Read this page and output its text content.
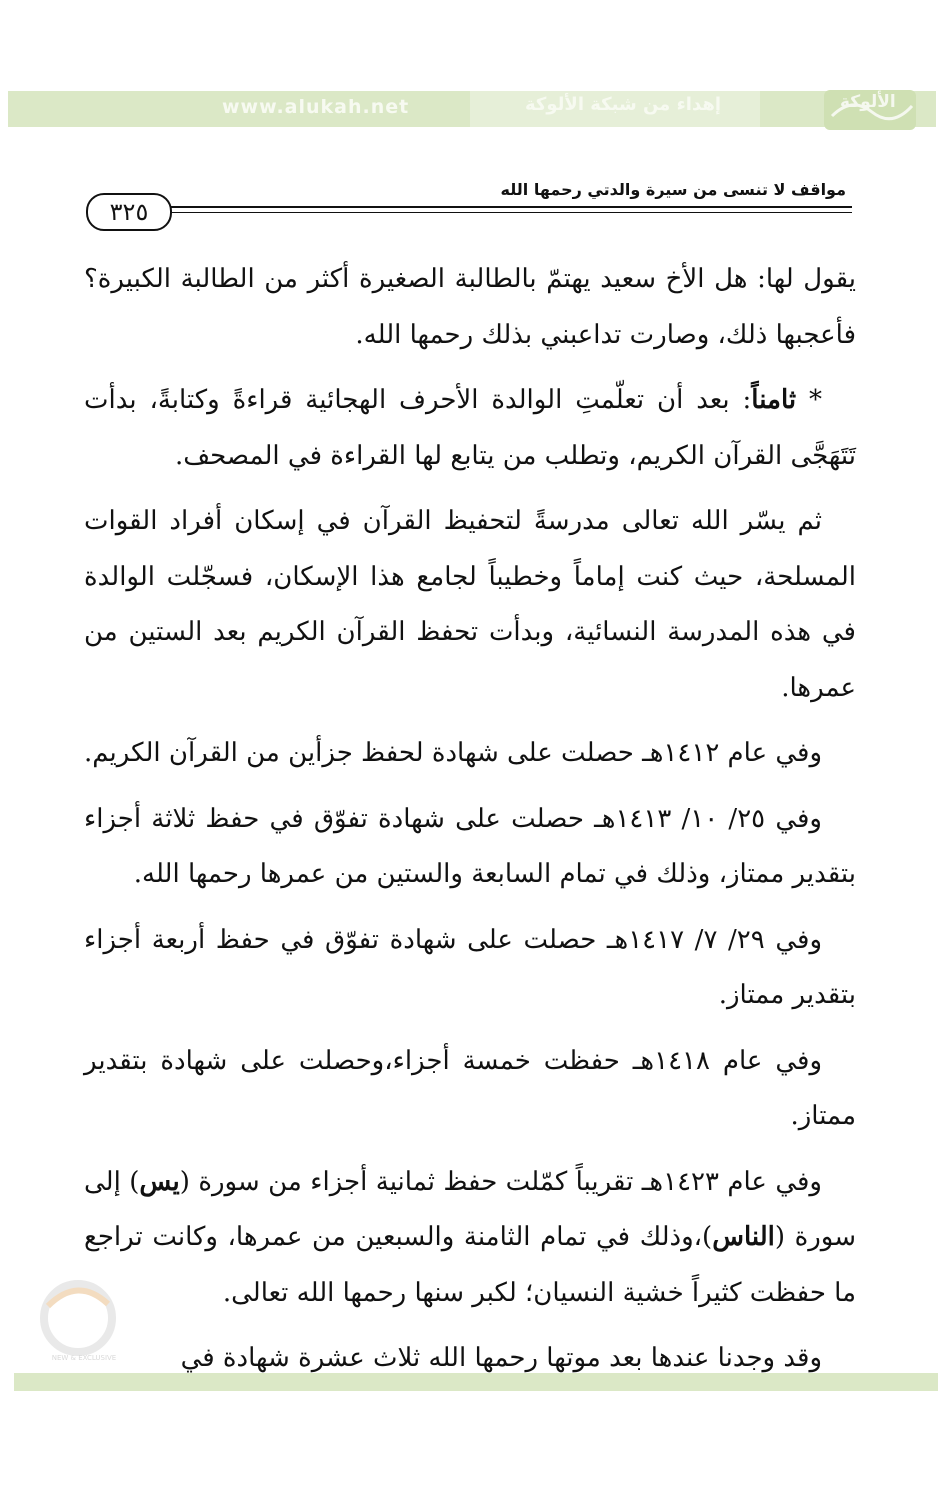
www.alukah.net	إهداء من شبكة الألوكة	الألوكة
مواقف لا تنسى من سيرة والدتي رحمها الله
٣٢٥

يقول لها: هل الأخ سعيد يهتمّ بالطالبة الصغيرة أكثر من الطالبة الكبيرة؟ فأعجبها ذلك، وصارت تداعبني بذلك رحمها الله.

* ثامناً: بعد أن تعلّمتِ الوالدة الأحرف الهجائية قراءةً وكتابةً، بدأت تَتَهَجَّى القرآن الكريم، وتطلب من يتابع لها القراءة في المصحف.

ثم يسّر الله تعالى مدرسةً لتحفيظ القرآن في إسكان أفراد القوات المسلحة، حيث كنت إماماً وخطيباً لجامع هذا الإسكان، فسجّلت الوالدة في هذه المدرسة النسائية، وبدأت تحفظ القرآن الكريم بعد الستين من عمرها.

وفي عام ١٤١٢هـ حصلت على شهادة لحفظ جزأين من القرآن الكريم.

وفي ٢٥/ ١٠/ ١٤١٣هـ حصلت على شهادة تفوّق في حفظ ثلاثة أجزاء بتقدير ممتاز، وذلك في تمام السابعة والستين من عمرها رحمها الله.

وفي ٢٩/ ٧/ ١٤١٧هـ حصلت على شهادة تفوّق في حفظ أربعة أجزاء بتقدير ممتاز.

وفي عام ١٤١٨هـ حفظت خمسة أجزاء،وحصلت على شهادة بتقدير ممتاز.

وفي عام ١٤٢٣هـ تقريباً كمّلت حفظ ثمانية أجزاء من سورة (يس) إلى سورة (الناس)،وذلك في تمام الثامنة والسبعين من عمرها، وكانت تراجع ما حفظت كثيراً خشية النسيان؛ لكبر سنها رحمها الله تعالى.

وقد وجدنا عندها بعد موتها رحمها الله ثلاث عشرة شهادة في

NEW & EXCLUSIVE
